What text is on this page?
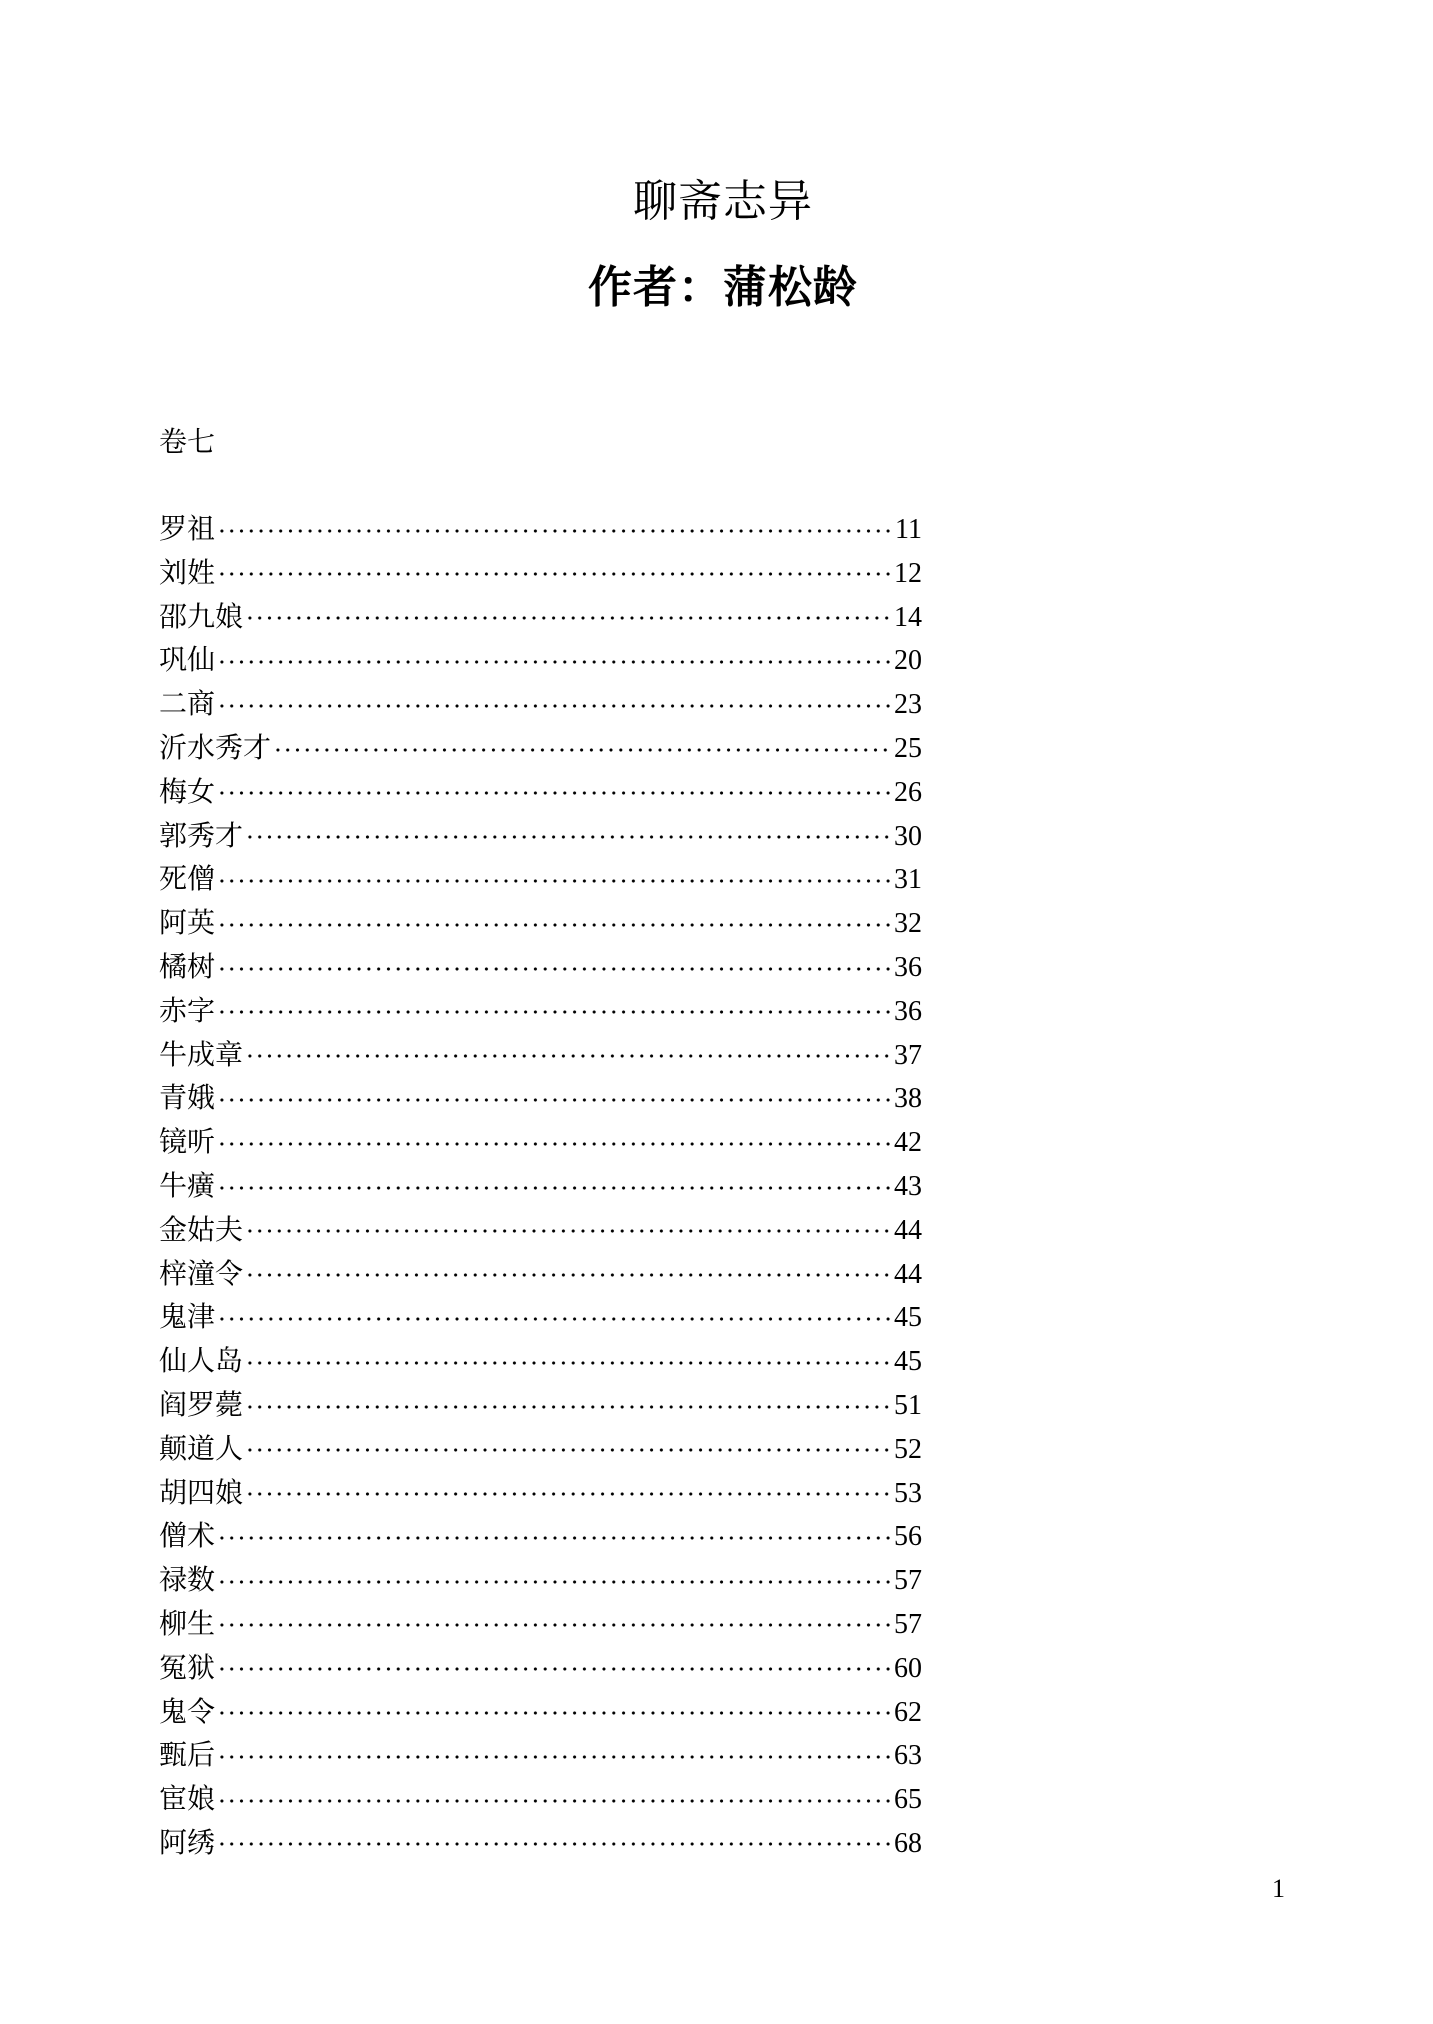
聊斋志异
作者：蒲松龄
卷七
罗祖	11
刘姓	12
邵九娘	14
巩仙	20
二商	23
沂水秀才	25
梅女	26
郭秀才	30
死僧	31
阿英	32
橘树	36
赤字	36
牛成章	37
青娥	38
镜听	42
牛癀	43
金姑夫	44
梓潼令	44
鬼津	45
仙人岛	45
阎罗薨	51
颠道人	52
胡四娘	53
僧术	56
禄数	57
柳生	57
冤狱	60
鬼令	62
甄后	63
宦娘	65
阿绣	68
1
